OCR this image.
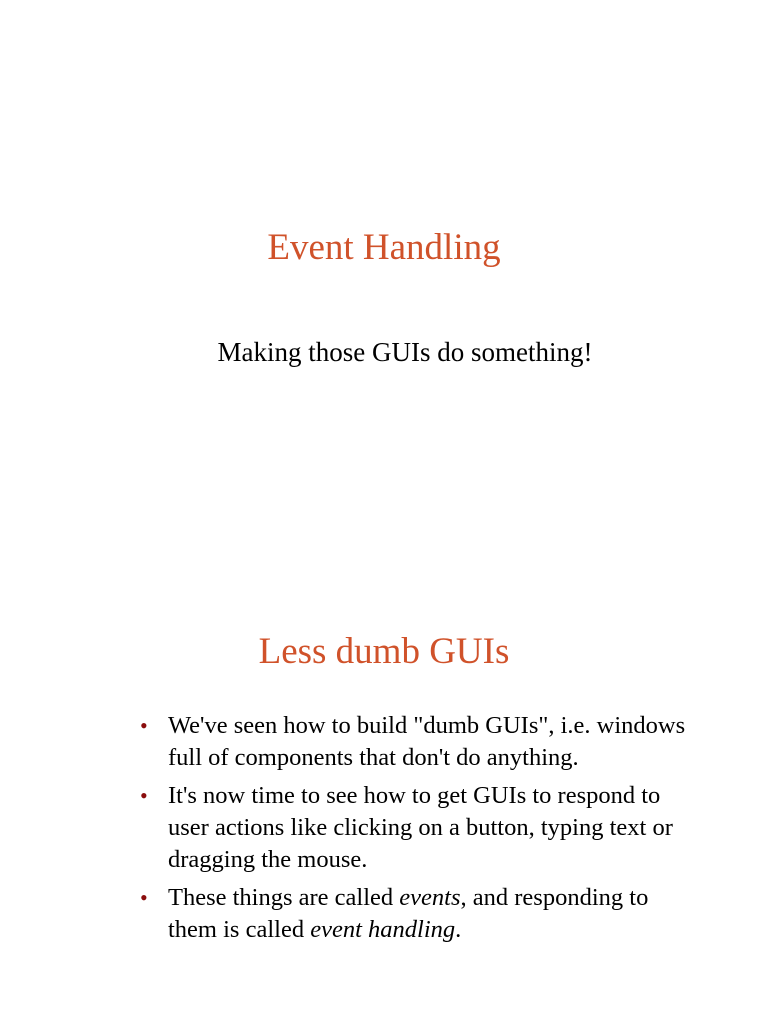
Event Handling
Making those GUIs do something!
Less dumb GUIs
• We've seen how to build "dumb GUIs", i.e. windows full of components that don't do anything.
• It's now time to see how to get GUIs to respond to user actions like clicking on a button, typing text or dragging the mouse.
• These things are called events, and responding to them is called event handling.
